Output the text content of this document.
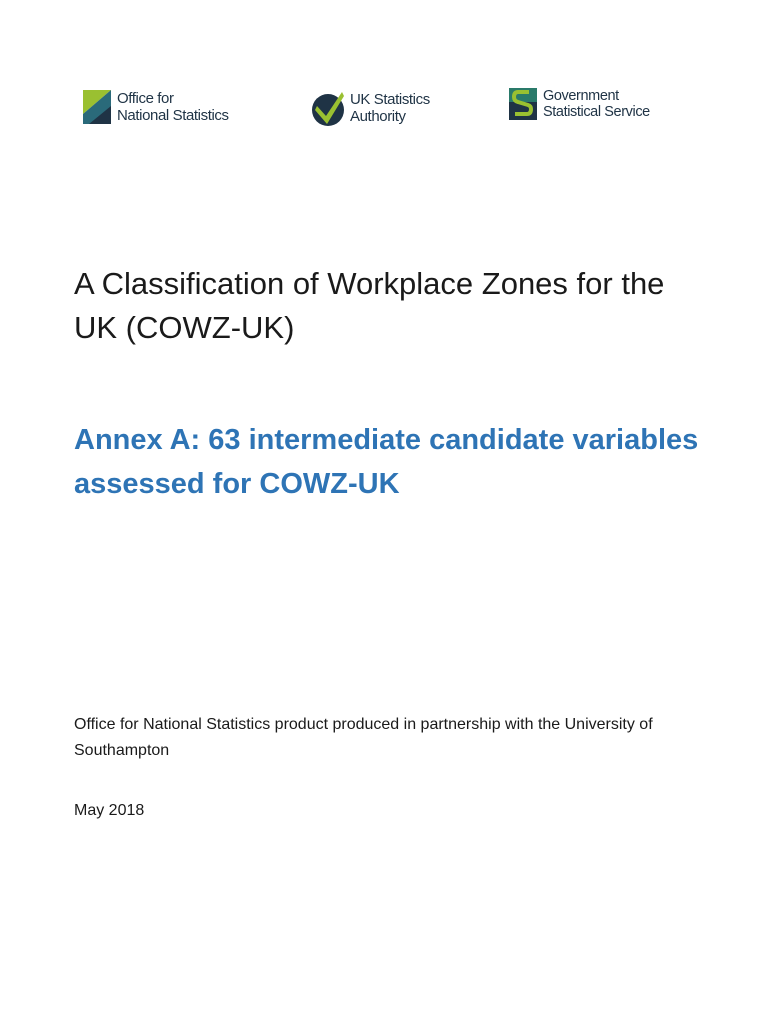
Office for
National Statistics
UK Statistics
Authority
Government
Statistical Service
A Classification of Workplace Zones for the UK (COWZ-UK)
Annex A: 63 intermediate candidate variables assessed for COWZ-UK

Office for National Statistics product produced in partnership with the University of Southampton

May 2018
